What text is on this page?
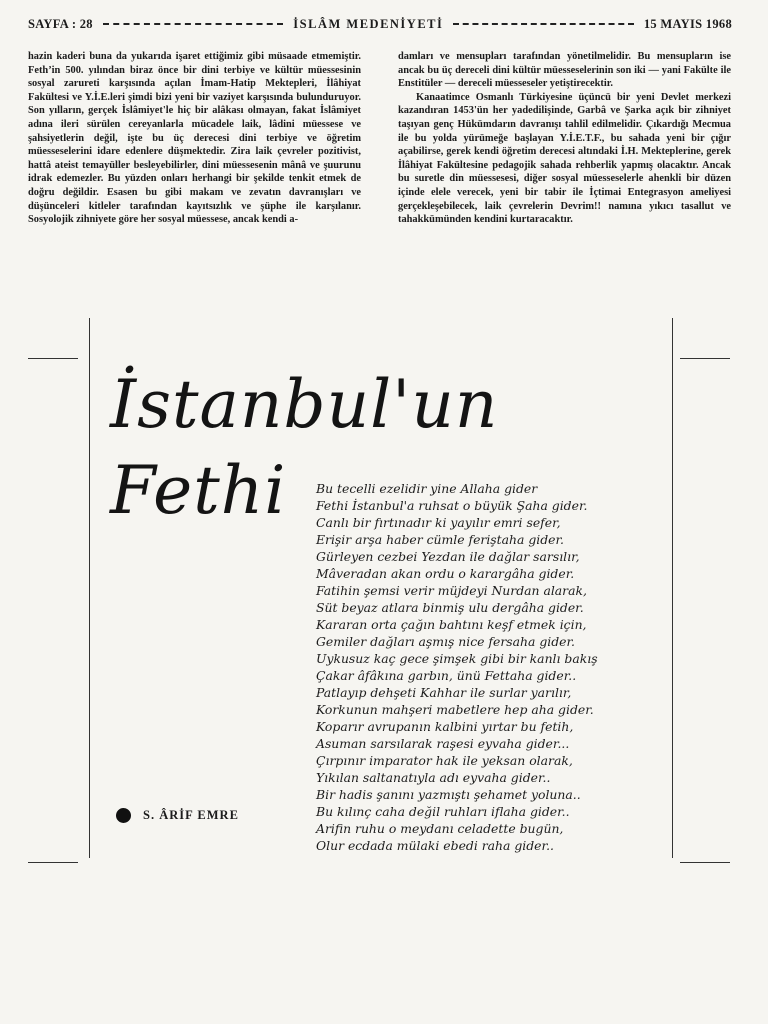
SAYFA : 28	İSLÂM MEDENİYETİ	15 MAYIS 1968

hazin kaderi buna da yukarıda işaret ettiğimiz gibi müsaade etmemiştir. Fethʼin 500. yılından biraz önce bir dini terbiye ve kültür müessesinin sosyal zarureti karşısında açılan İmam-Hatip Mektepleri, İlâhiyat Fakültesi ve Y.İ.E.leri şimdi bizi yeni bir vaziyet karşısında bulunduruyor. Son yılların, gerçek İslâmiyet'le hiç bir alâkası olmayan, fakat İslâmiyet adına ileri sürülen cereyanlarla mücadele laik, lâdini müessese ve şahsiyetlerin değil, işte bu üç derecesi dini terbiye ve öğretim müesseselerini idare edenlere düşmektedir. Zira laik çevreler pozitivist, hattâ ateist temayüller besleyebilirler, dini müessesenin mânâ ve şuurunu idrak edemezler. Bu yüzden onları herhangi bir şekilde tenkit etmek de doğru değildir. Esasen bu gibi makam ve zevatın davranışları ve düşünceleri kitleler tarafından kayıtsızlık ve şüphe ile karşılanır. Sosyolojik zihniyete göre her sosyal müessese, ancak kendi a-

damları ve mensupları tarafından yönetilmelidir. Bu mensupların ise ancak bu üç dereceli dini kültür müesseselerinin son iki — yani Fakülte ile Enstitüler — dereceli müesseseler yetiştirecektir.

Kanaatimce Osmanlı Türkiyesine üçüncü bir yeni Devlet merkezi kazandıran 1453'ün her yadedilişinde, Garbâ ve Şarka açık bir zihniyet taşıyan genç Hükümdarın davranışı tahlil edilmelidir. Çıkardığı Mecmua ile bu yolda yürümeğe başlayan Y.İ.E.T.F., bu sahada yeni bir çığır açabilirse, gerek kendi öğretim derecesi altındaki İ.H. Mekteplerine, gerek İlâhiyat Fakültesine pedagojik sahada rehberlik yapmış olacaktır. Ancak bu suretle din müessesesi, diğer sosyal müesseselerle ahenkli bir düzen içinde elele verecek, yeni bir tabir ile İçtimai Entegrasyon ameliyesi gerçekleşebilecek, laik çevrelerin Devrim!! namına yıkıcı tasallut ve tahakkümünden kendini kurtaracaktır.

İstanbul'un
Fethi	Bu tecelli ezelidir yine Allaha gider
Fethi İstanbul'a ruhsat o büyük Şaha gider.
Canlı bir fırtınadır ki yayılır emri sefer,
Erişir arşa haber cümle feriştaha gider.
Gürleyen cezbei Yezdan ile dağlar sarsılır,
Mâveradan akan ordu o karargâha gider.
Fatihin şemsi verir müjdeyi Nurdan alarak,
Süt beyaz atlara binmiş ulu dergâha gider.
Kararan orta çağın bahtını keşf etmek için,
Gemiler dağları aşmış nice fersaha gider.
Uykusuz kaç gece şimşek gibi bir kanlı bakış
Çakar âfâkına garbın, ünü Fettaha gider..
Patlayıp dehşeti Kahhar ile surlar yarılır,
Korkunun mahşeri mabetlere hep aha gider.
Koparır avrupanın kalbini yırtar bu fetih,
Asuman sarsılarak raşesi eyvaha gider...
Çırpınır imparator hak ile yeksan olarak,
Yıkılan saltanatıyla adı eyvaha gider..
Bir hadis şanını yazmıştı şehamet yoluna..
Bu kılınç caha değil ruhları iflaha gider..
Arifin ruhu o meydanı celadette bugün,
Olur ecdada mülaki ebedi raha gider..
S. ÂRİF EMRE
